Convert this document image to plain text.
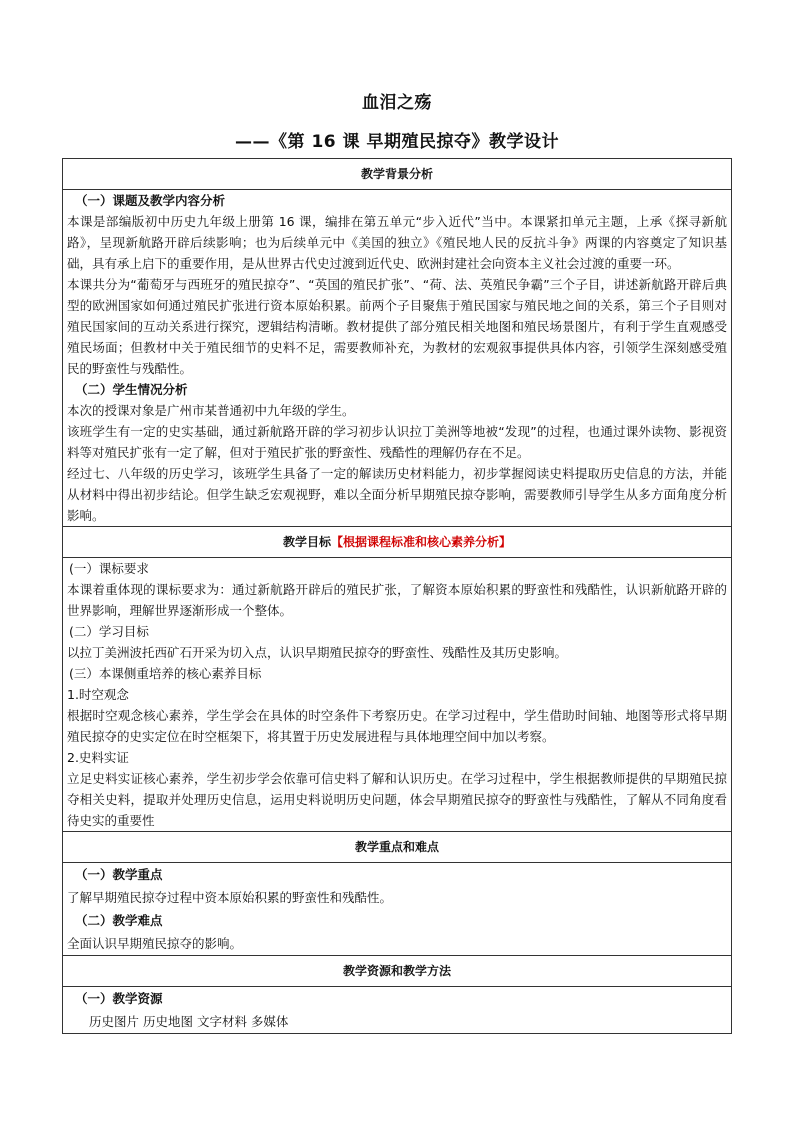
血泪之殇
——《第 16 课 早期殖民掠夺》教学设计
教学背景分析

（一）课题及教学内容分析

本课是部编版初中历史九年级上册第 16 课，编排在第五单元“步入近代”当中。本课紧扣单元主题，上承《探寻新航路》，呈现新航路开辟后续影响；也为后续单元中《美国的独立》《殖民地人民的反抗斗争》两课的内容奠定了知识基础，具有承上启下的重要作用，是从世界古代史过渡到近代史、欧洲封建社会向资本主义社会过渡的重要一环。

本课共分为“葡萄牙与西班牙的殖民掠夺”、“英国的殖民扩张”、“荷、法、英殖民争霸”三个子目，讲述新航路开辟后典型的欧洲国家如何通过殖民扩张进行资本原始积累。前两个子目聚焦于殖民国家与殖民地之间的关系，第三个子目则对殖民国家间的互动关系进行探究，逻辑结构清晰。教材提供了部分殖民相关地图和殖民场景图片，有利于学生直观感受殖民场面；但教材中关于殖民细节的史料不足，需要教师补充，为教材的宏观叙事提供具体内容，引领学生深刻感受殖民的野蛮性与残酷性。

（二）学生情况分析

本次的授课对象是广州市某普通初中九年级的学生。

该班学生有一定的史实基础，通过新航路开辟的学习初步认识拉丁美洲等地被“发现”的过程，也通过课外读物、影视资料等对殖民扩张有一定了解，但对于殖民扩张的野蛮性、残酷性的理解仍存在不足。

经过七、八年级的历史学习，该班学生具备了一定的解读历史材料能力，初步掌握阅读史料提取历史信息的方法，并能从材料中得出初步结论。但学生缺乏宏观视野，难以全面分析早期殖民掠夺影响，需要教师引导学生从多方面角度分析影响。

教学目标【根据课程标准和核心素养分析】

(一）课标要求

本课着重体现的课标要求为：通过新航路开辟后的殖民扩张，了解资本原始积累的野蛮性和残酷性，认识新航路开辟的世界影响，理解世界逐渐形成一个整体。

(二）学习目标

以拉丁美洲波托西矿石开采为切入点，认识早期殖民掠夺的野蛮性、残酷性及其历史影响。

(三）本课侧重培养的核心素养目标
1.时空观念

根据时空观念核心素养，学生学会在具体的时空条件下考察历史。在学习过程中，学生借助时间轴、地图等形式将早期殖民掠夺的史实定位在时空框架下，将其置于历史发展进程与具体地理空间中加以考察。

2.史料实证

立足史料实证核心素养，学生初步学会依靠可信史料了解和认识历史。在学习过程中，学生根据教师提供的早期殖民掠夺相关史料，提取并处理历史信息，运用史料说明历史问题，体会早期殖民掠夺的野蛮性与残酷性，了解从不同角度看待史实的重要性

教学重点和难点

（一）教学重点

了解早期殖民掠夺过程中资本原始积累的野蛮性和残酷性。

（二）教学难点

全面认识早期殖民掠夺的影响。

教学资源和教学方法

（一）教学资源

历史图片 历史地图 文字材料 多媒体
